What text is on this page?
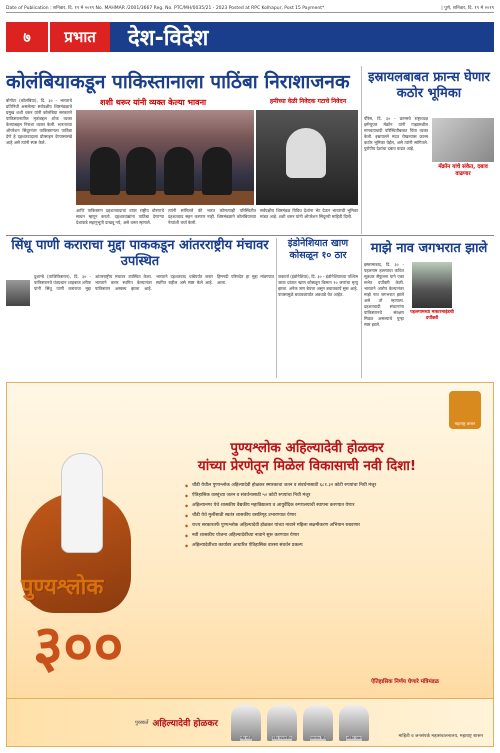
Date of Publication : शनिवार, दि. १९ मे २०१९ No. MAHMAR /2001/3667 Reg. No. PTC/MH/0035/21 - 2023 Posted at RPC Kolhapur, Post 15 Payment*	| पुणे, शनिवार, दि. १९ मे २०१९
७	प्रभात	देश-विदेश
कोलंबियाकडून पाकिस्तानाला पाठिंबा निराशाजनक
शशी थरूर यांनी व्यक्त केल्या भावना	हमीच्या वेळी निवेदक गटाचे निवेदन
बोगोटा (कोलंबिया), दि. ३० - भारताचे प्रतिनिधी असलेल्या सर्वपक्षीय शिष्टमंडळाचे प्रमुख शशी थरूर यांनी कोलंबिया सरकारने पाकिस्तानातील मृतांबद्दल शोक व्यक्त केल्याबद्दल निराशा व्यक्त केली. भारताच्या ऑपरेशन सिंदूरनंतर पाकिस्तानला पाठिंबा देणे हे दहशतवादाला प्रोत्साहन देण्यासारखे आहे असे त्यांनी स्पष्ट केले.
आणि पाकिस्तान दहशतवादाचा वापर राष्ट्रीय धोरणाचे साधन म्हणून करतो. दहशतवाद्यांना पाठिंबा देणाऱ्या देशाकडे सहानुभूती दाखवू नये, असे थरूर म्हणाले.
त्यांनी सांगितले की भारत कोणत्याही परिस्थितीत दहशतवाद सहन करणार नाही. शिष्टमंडळाने कोलंबियाच्या नेत्यांशी चर्चा केली.
सर्वपक्षीय शिष्टमंडळ विविध देशांना भेट देऊन भारताची भूमिका मांडत आहे. शशी थरूर यांनी ऑपरेशन सिंदूरची माहिती दिली.
इस्रायलबाबत फ्रान्स घेणार कठोर भूमिका
पॅरिस, दि. ३० - फ्रान्सचे राष्ट्राध्यक्ष इमॅन्युएल मॅक्रॉन यांनी गाझामधील मानवतावादी परिस्थितीबाबत चिंता व्यक्त केली. इस्रायलने मदत रोखल्यास फ्रान्स कठोर भूमिका घेईल, असे त्यांनी सांगितले. युरोपीय देशांचा दबाव वाढत आहे.
मॅक्रॉन यांचे संकेत, दबाव वाढणार
सिंधू पाणी कराराचा मुद्दा पाककडून आंतरराष्ट्रीय मंचावर उपस्थित
दुशान्बे (ताजिकिस्तान), दि. ३० - पाकिस्तानचे पंतप्रधान शाहबाज शरीफ यांनी सिंधू पाणी कराराचा मुद्दा आंतरराष्ट्रीय मंचावर उपस्थित केला. भारताने करार स्थगित केल्यानंतर पाकिस्तान अस्वस्थ झाला आहे. भारताने दहशतवाद थांबेपर्यंत करार स्थगित राहील असे स्पष्ट केले आहे. हिमनदी परिषदेत हा मुद्दा मांडण्यात आला.
इंडोनेशियात खाण कोसळून १० ठार
जकार्ता (इंडोनेशिया), दि. ३० - इंडोनेशियाच्या पश्चिम जावा प्रांतात खाण कोसळून किमान १० जणांचा मृत्यू झाला. अनेक जण बेपत्ता असून बचावकार्य सुरू आहे. पावसामुळे बचावकार्यात अडथळे येत आहेत.
माझे नाव जगभरात झाले
इस्लामाबाद, दि. ३० - पहलगाम हल्ल्याचा कथित सूत्रधार सैफुल्ला याने एका सभेत दर्पोक्ती केली. भारताने आरोप केल्यानंतर माझे नाव जगभरात झाले असे तो म्हणाला. दहशतवादी संघटनांना पाकिस्तानचे संरक्षण मिळत असल्याचे पुन्हा स्पष्ट झाले.
पहलगामच्या मास्टरमाइंडची दर्पोक्ती
महाराष्ट्र शासन
पुण्यश्लोक अहिल्यादेवी होळकर
यांच्या प्रेरणेतून मिळेल विकासाची नवी दिशा!
पुण्यश्लोक
३००
◆ चौंडी येथील पुण्यश्लोक अहिल्यादेवी होळकर स्मारकाचा जतन व संवर्धनासाठी ६८१.३२ कोटी रुपयांचा निधी मंजूर
◆ ऐतिहासिक वास्तूंच्या जतन व संवर्धनासाठी ५० कोटी रुपयांचा निधी मंजूर
◆ अहिल्यानगर येथे शासकीय वैद्यकीय महाविद्यालय व आयुर्वेदिक रुग्णालयाची स्थापना करण्यात येणार
◆ चौंडी येथे मुलींसाठी स्वतंत्र शासकीय वसतिगृह उभारण्यात येणार
◆ राज्य सरकारतर्फे पुण्यश्लोक अहिल्यादेवी होळकर यांच्या नावाने महिला सक्षमीकरण अभियान राबवणार
◆ नवी शासकीय योजना अहिल्यादेवींच्या नावाने सुरू करण्यात येणार
◆ अहिल्यादेवींच्या कार्यावर आधारित ऐतिहासिक वारसा संवर्धन प्रकल्प
ऐतिहासिक निर्णय घेणारे मंत्रिमंडळ
पुरस्कर्ते अहिल्यादेवी होळकर
नरेंद्र मोदी	देवेंद्र फडणवीस	एकनाथ शिंदे	अजित पवार	माहिती व जनसंपर्क महासंचालनालय, महाराष्ट्र शासन
